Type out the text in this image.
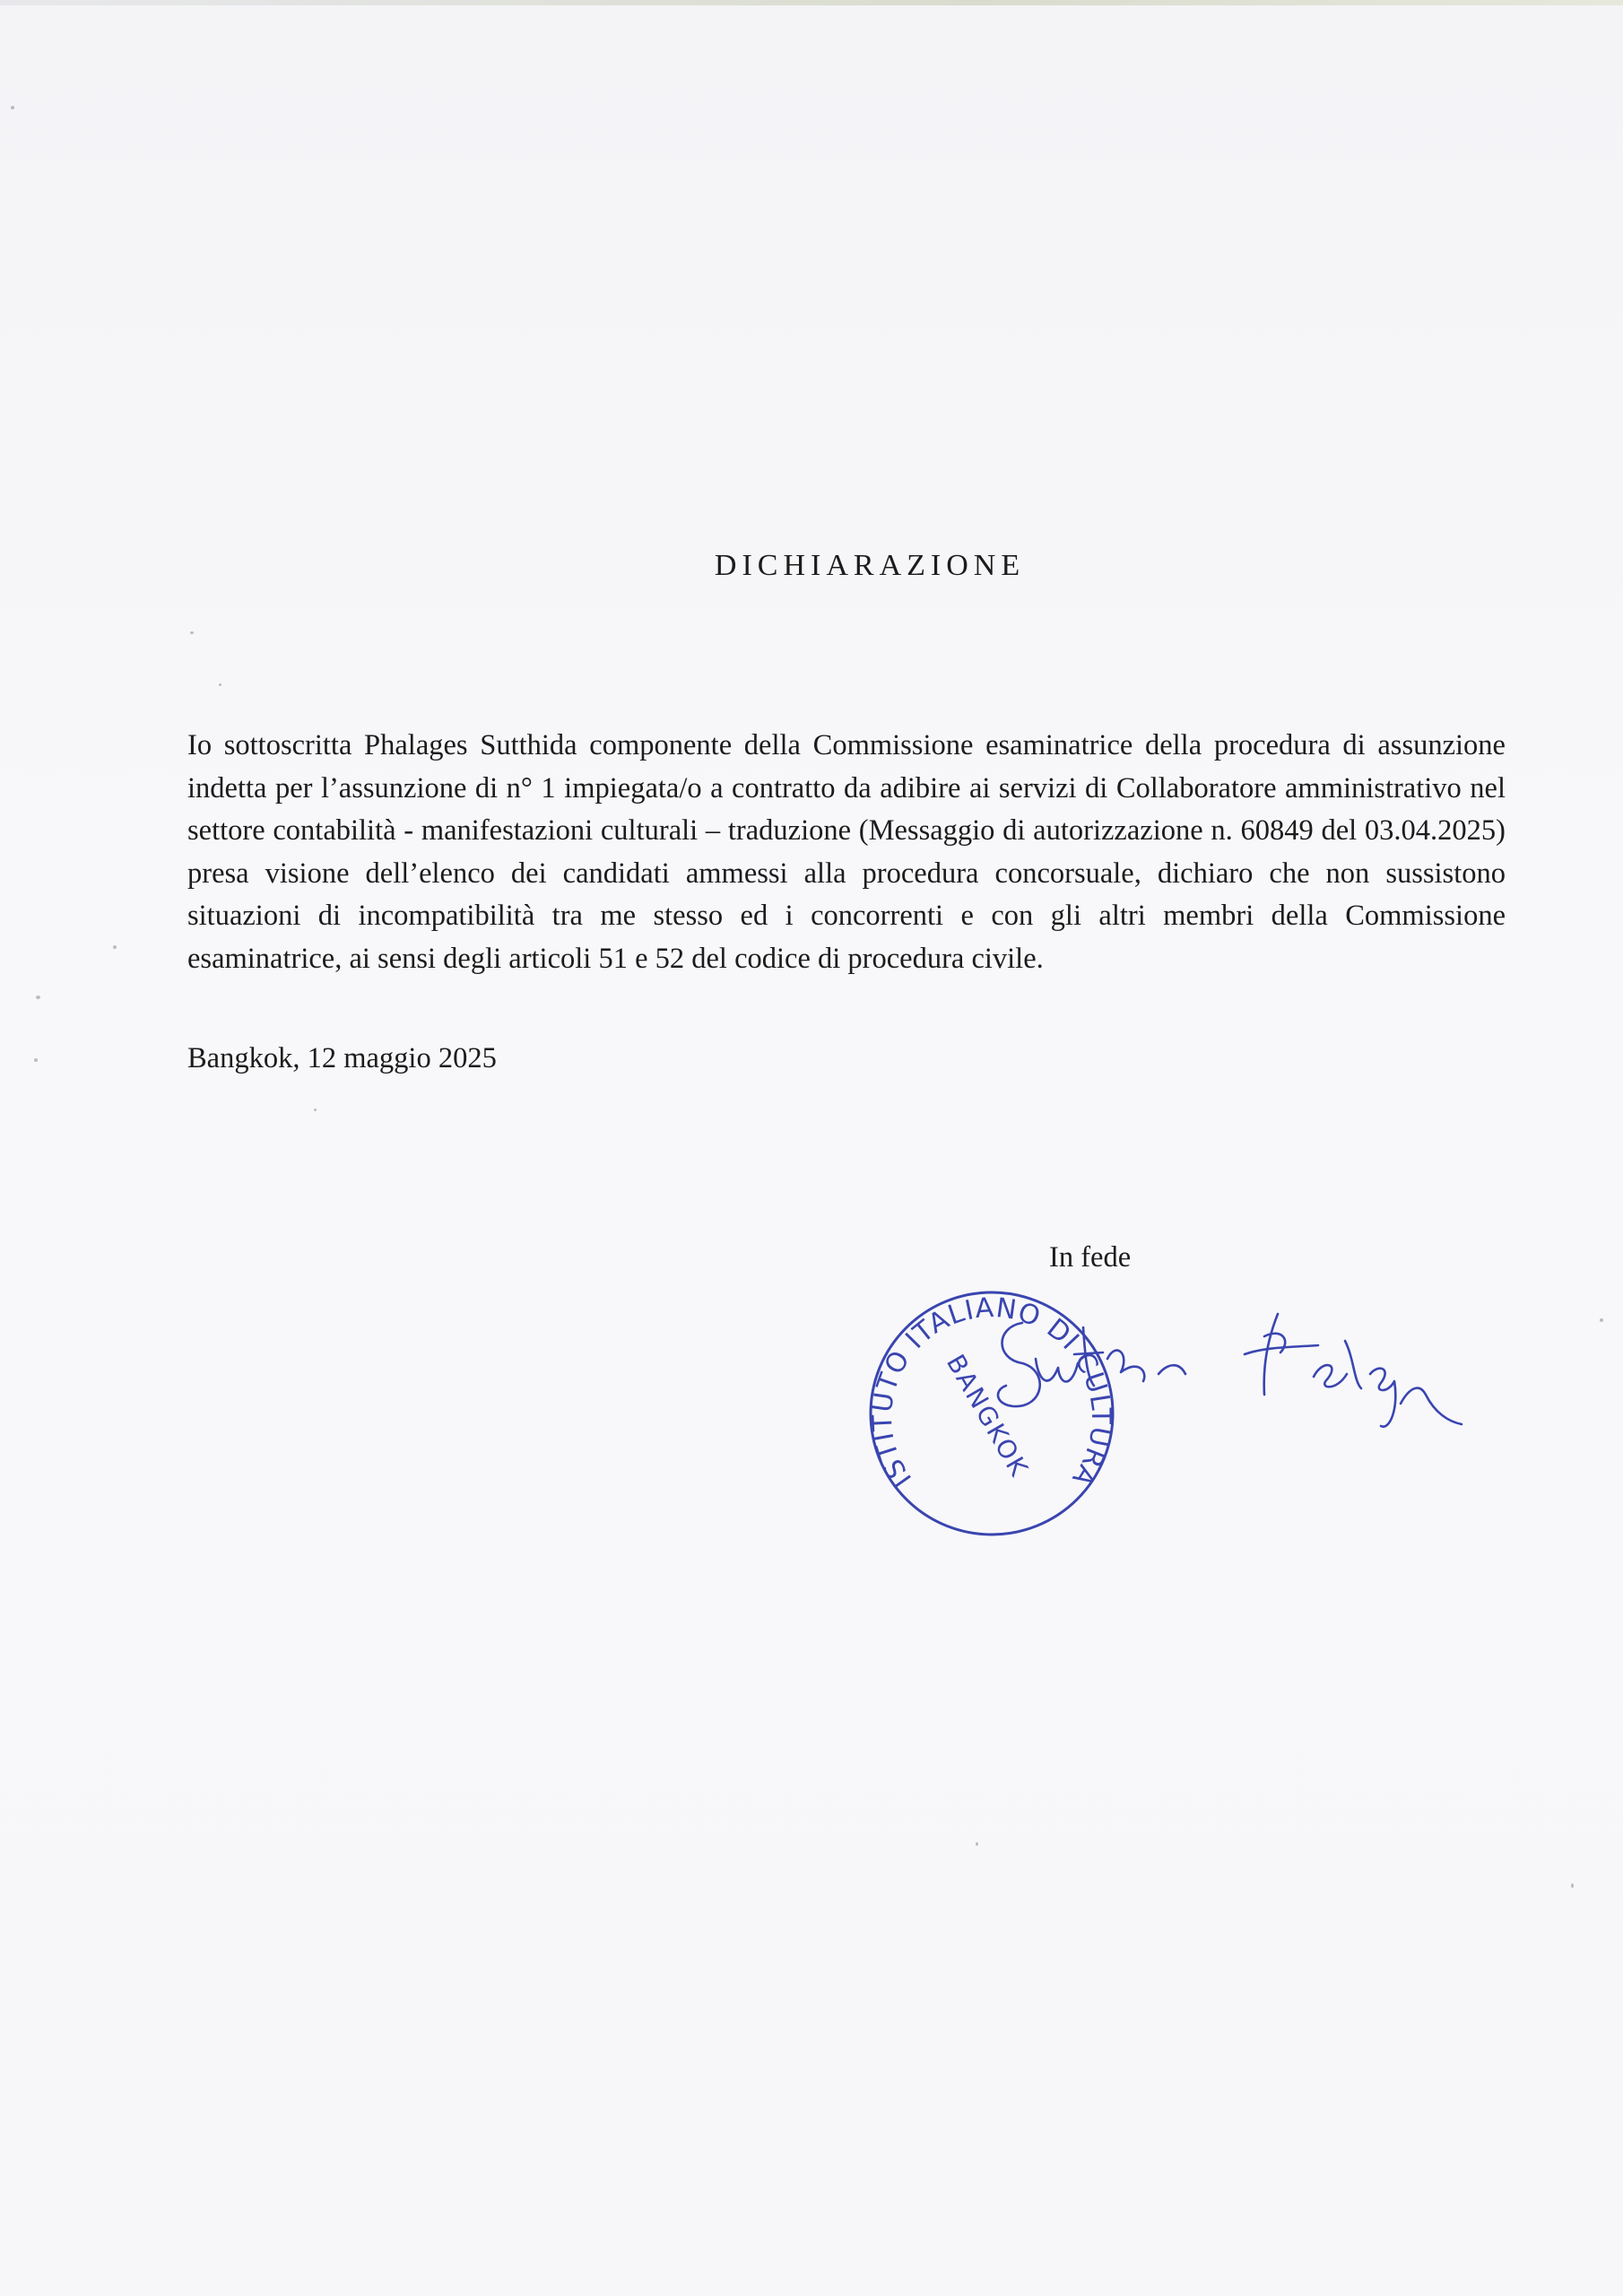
DICHIARAZIONE

Io sottoscritta Phalages Sutthida componente della Commissione esaminatrice della procedura di assunzione indetta per l’assunzione di n° 1 impiegata/o a contratto da adibire ai servizi di Collaboratore amministrativo nel settore contabilità - manifestazioni culturali – traduzione (Messaggio di autorizzazione n. 60849 del 03.04.2025) presa visione dell’elenco dei candidati ammessi alla procedura concorsuale, dichiaro che non sussistono situazioni di incompatibilità tra me stesso ed i concorrenti e con gli altri membri della Commissione esaminatrice, ai sensi degli articoli 51 e 52 del codice di procedura civile.

Bangkok, 12 maggio 2025
In fede
ISTITUTO ITALIANO DI CULTURA
BANGKOK
